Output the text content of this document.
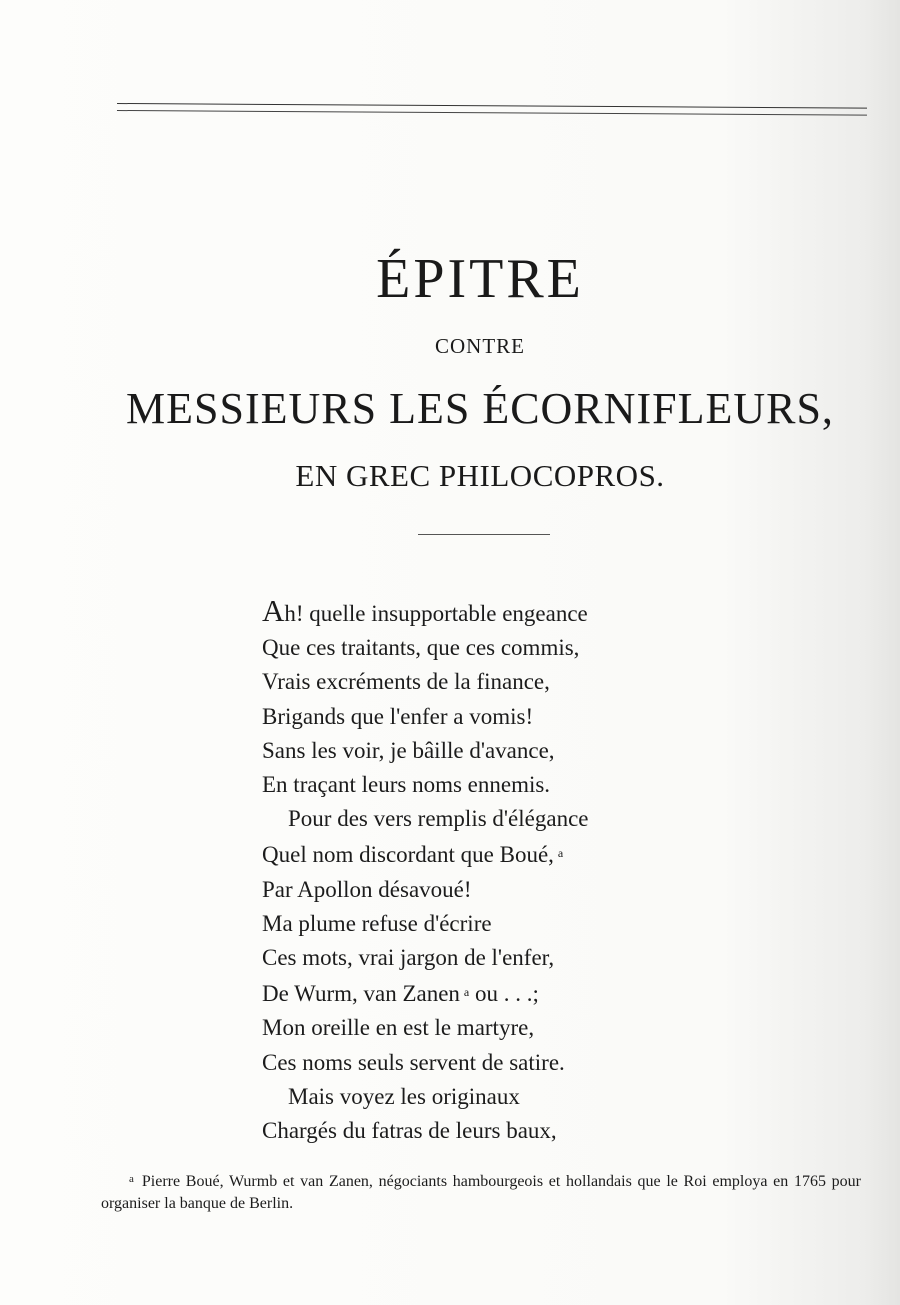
ÉPITRE
CONTRE
MESSIEURS LES ÉCORNIFLEURS,
EN GREC PHILOCOPROS.
Ah! quelle insupportable engeance
Que ces traitants, que ces commis,
Vrais excréments de la finance,
Brigands que l'enfer a vomis!
Sans les voir, je bâille d'avance,
En traçant leurs noms ennemis.
Pour des vers remplis d'élégance
Quel nom discordant que Boué, $^a$
Par Apollon désavoué!
Ma plume refuse d'écrire
Ces mots, vrai jargon de l'enfer,
De Wurm, van Zanen $^a$ ou . . .;
Mon oreille en est le martyre,
Ces noms seuls servent de satire.
Mais voyez les originaux
Chargés du fatras de leurs baux,
$^a$ Pierre Boué, Wurmb et van Zanen, négociants hambourgeois et hollandais que le Roi employa en 1765 pour organiser la banque de Berlin.
